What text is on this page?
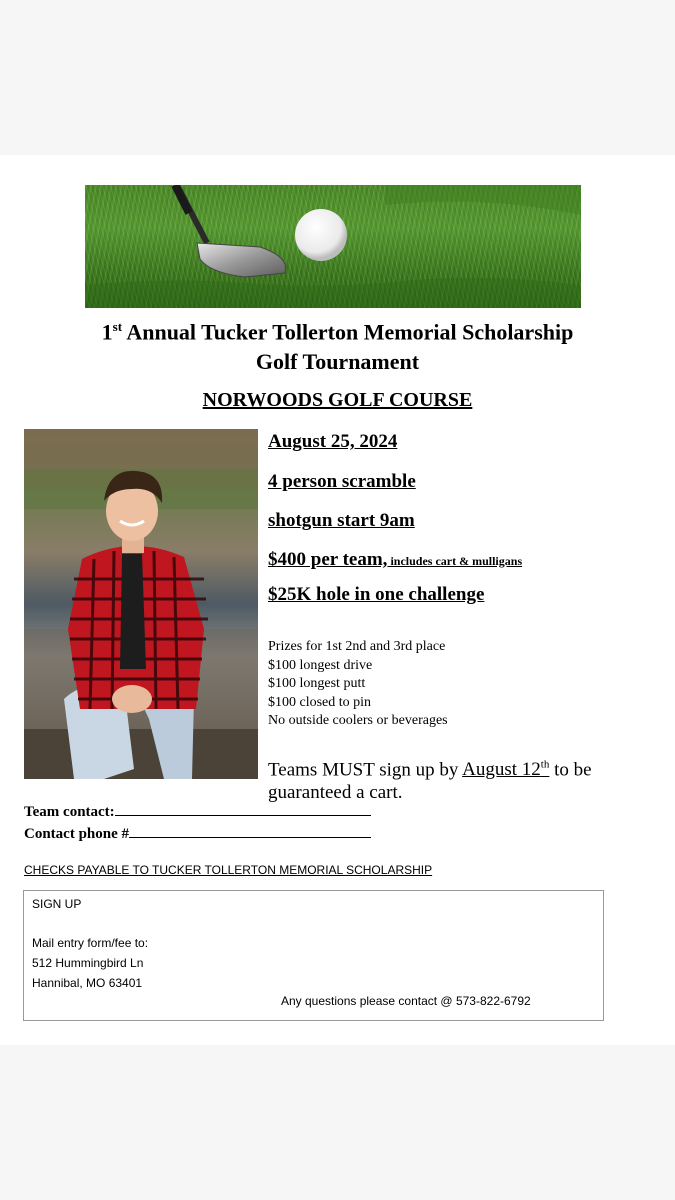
1st Annual Tucker Tollerton Memorial Scholarship
Golf Tournament
NORWOODS GOLF COURSE
August 25, 2024
4 person scramble
shotgun start 9am
$400 per team, includes cart & mulligans
$25K hole in one challenge
Prizes for 1st 2nd and 3rd place
$100 longest drive
$100 longest putt
$100 closed to pin
No outside coolers or beverages
Teams MUST sign up by August 12th to be guaranteed a cart.
Team contact:
Contact phone #
CHECKS PAYABLE TO TUCKER TOLLERTON MEMORIAL SCHOLARSHIP
SIGN UP
Mail entry form/fee to:
512 Hummingbird Ln
Hannibal, MO 63401
Any questions please contact @ 573-822-6792
